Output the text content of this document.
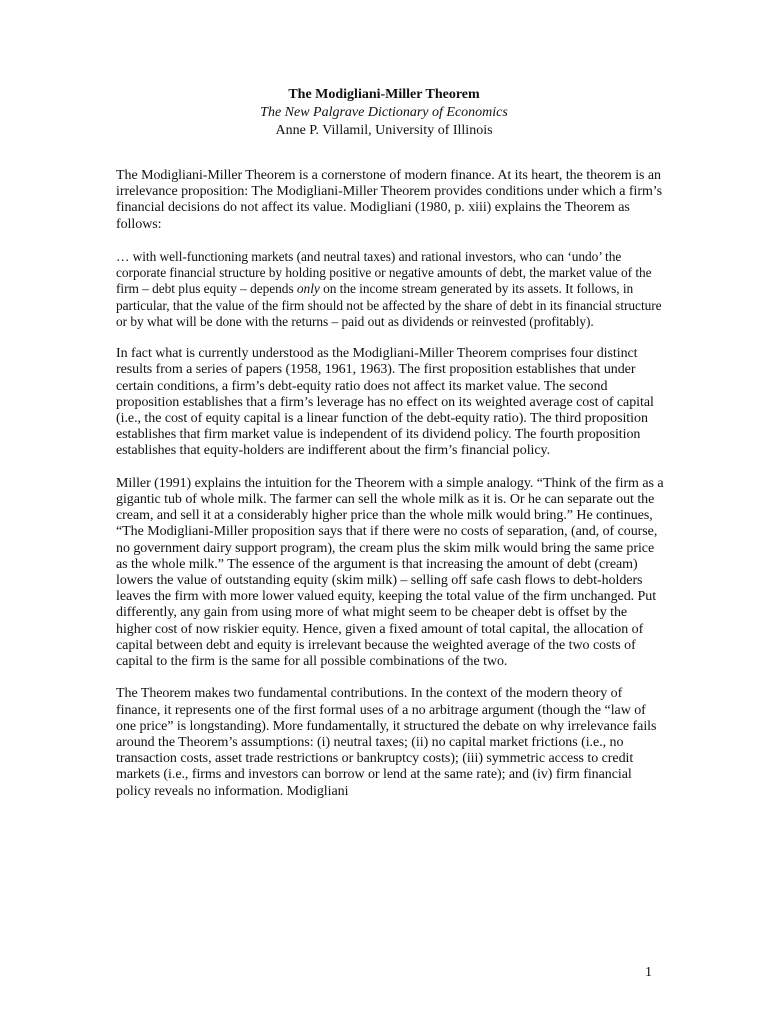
The Modigliani-Miller Theorem
The New Palgrave Dictionary of Economics
Anne P. Villamil, University of Illinois

The Modigliani-Miller Theorem is a cornerstone of modern finance. At its heart, the theorem is an irrelevance proposition: The Modigliani-Miller Theorem provides conditions under which a firm’s financial decisions do not affect its value. Modigliani (1980, p. xiii) explains the Theorem as follows:

… with well-functioning markets (and neutral taxes) and rational investors, who can ‘undo’ the corporate financial structure by holding positive or negative amounts of debt, the market value of the firm – debt plus equity – depends only on the income stream generated by its assets. It follows, in particular, that the value of the firm should not be affected by the share of debt in its financial structure or by what will be done with the returns – paid out as dividends or reinvested (profitably).

In fact what is currently understood as the Modigliani-Miller Theorem comprises four distinct results from a series of papers (1958, 1961, 1963). The first proposition establishes that under certain conditions, a firm’s debt-equity ratio does not affect its market value. The second proposition establishes that a firm’s leverage has no effect on its weighted average cost of capital (i.e., the cost of equity capital is a linear function of the debt-equity ratio). The third proposition establishes that firm market value is independent of its dividend policy. The fourth proposition establishes that equity-holders are indifferent about the firm’s financial policy.

Miller (1991) explains the intuition for the Theorem with a simple analogy. “Think of the firm as a gigantic tub of whole milk. The farmer can sell the whole milk as it is. Or he can separate out the cream, and sell it at a considerably higher price than the whole milk would bring.” He continues, “The Modigliani-Miller proposition says that if there were no costs of separation, (and, of course, no government dairy support program), the cream plus the skim milk would bring the same price as the whole milk.” The essence of the argument is that increasing the amount of debt (cream) lowers the value of outstanding equity (skim milk) – selling off safe cash flows to debt-holders leaves the firm with more lower valued equity, keeping the total value of the firm unchanged. Put differently, any gain from using more of what might seem to be cheaper debt is offset by the higher cost of now riskier equity. Hence, given a fixed amount of total capital, the allocation of capital between debt and equity is irrelevant because the weighted average of the two costs of capital to the firm is the same for all possible combinations of the two.

The Theorem makes two fundamental contributions. In the context of the modern theory of finance, it represents one of the first formal uses of a no arbitrage argument (though the “law of one price” is longstanding). More fundamentally, it structured the debate on why irrelevance fails around the Theorem’s assumptions: (i) neutral taxes; (ii) no capital market frictions (i.e., no transaction costs, asset trade restrictions or bankruptcy costs); (iii) symmetric access to credit markets (i.e., firms and investors can borrow or lend at the same rate); and (iv) firm financial policy reveals no information. Modigliani

1
